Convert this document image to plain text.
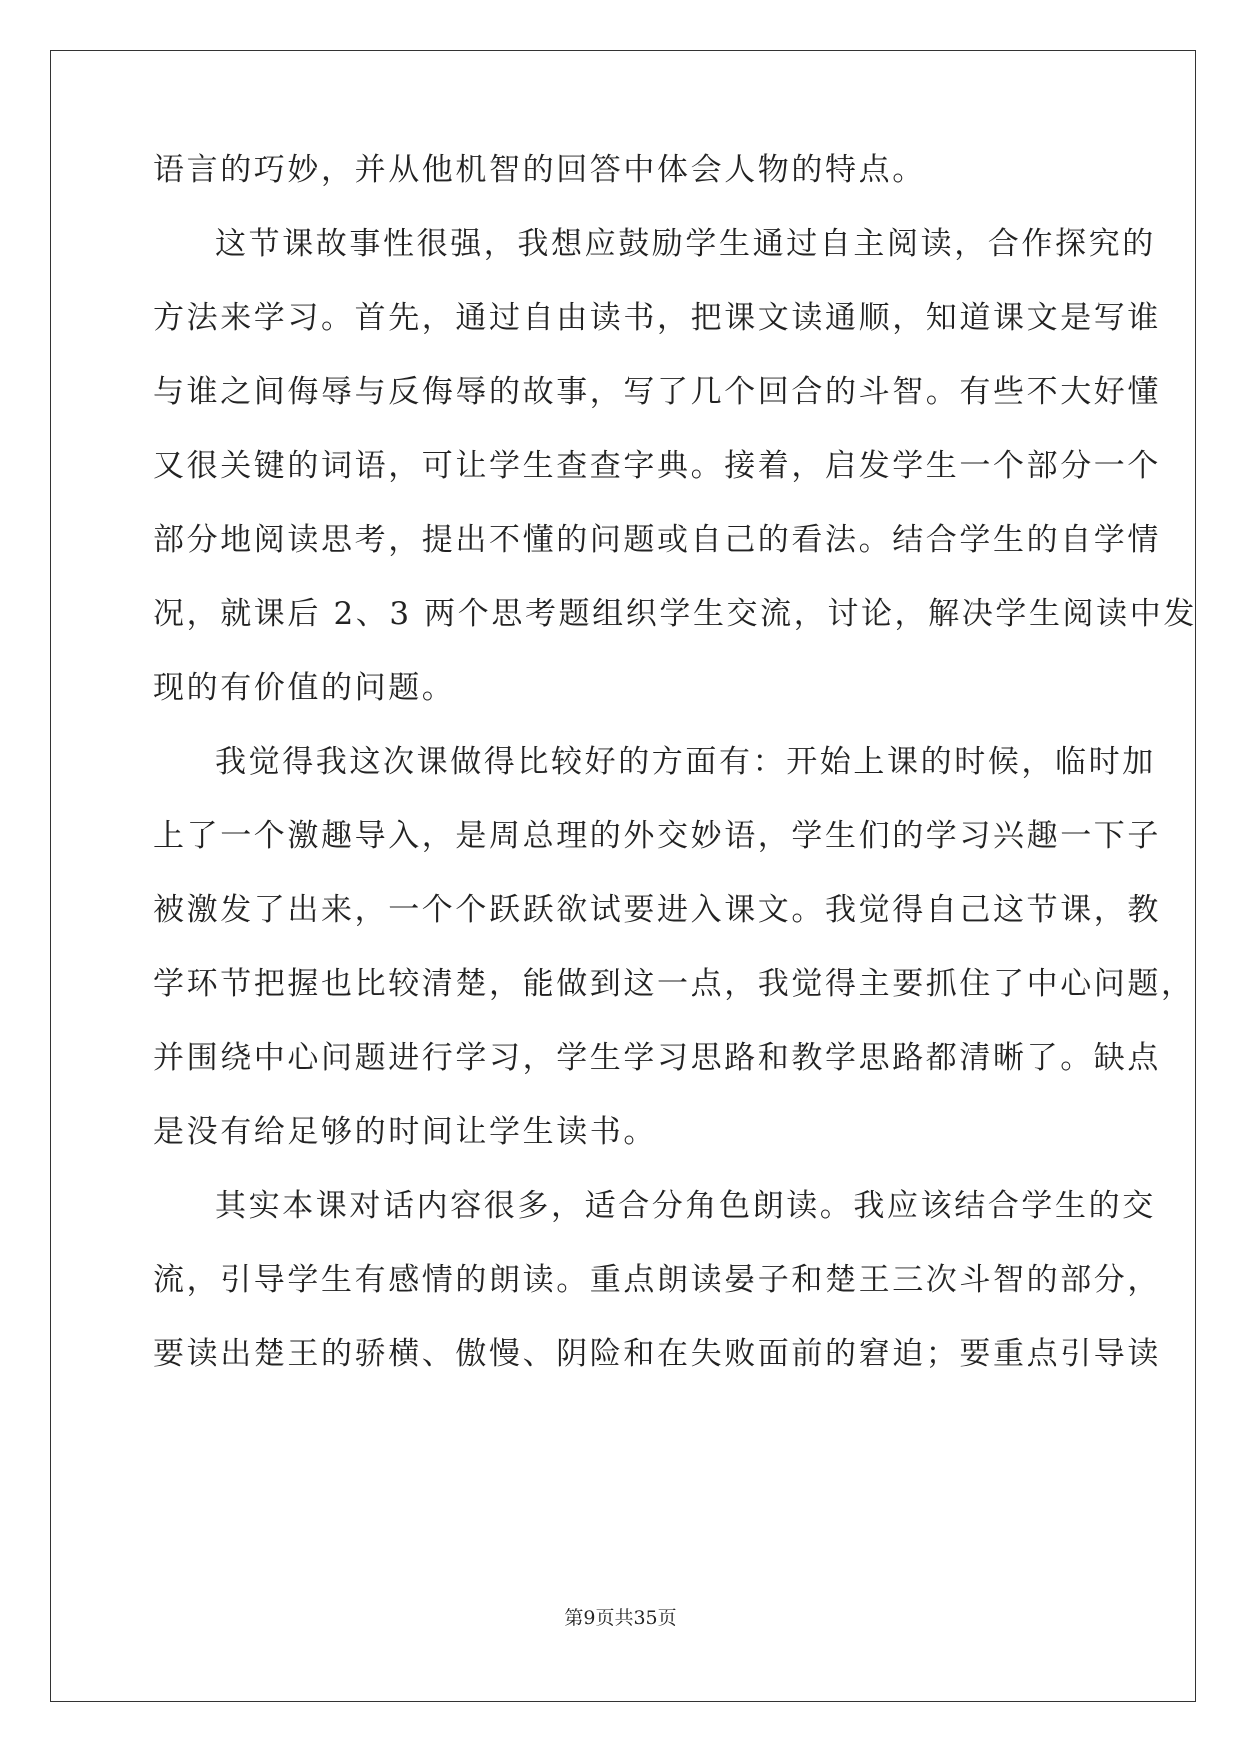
语言的巧妙，并从他机智的回答中体会人物的特点。

这节课故事性很强，我想应鼓励学生通过自主阅读，合作探究的

方法来学习。首先，通过自由读书，把课文读通顺，知道课文是写谁

与谁之间侮辱与反侮辱的故事，写了几个回合的斗智。有些不大好懂

又很关键的词语，可让学生查查字典。接着，启发学生一个部分一个

部分地阅读思考，提出不懂的问题或自己的看法。结合学生的自学情

况，就课后 2、3 两个思考题组织学生交流，讨论，解决学生阅读中发

现的有价值的问题。

我觉得我这次课做得比较好的方面有：开始上课的时候，临时加

上了一个激趣导入，是周总理的外交妙语，学生们的学习兴趣一下子

被激发了出来，一个个跃跃欲试要进入课文。我觉得自己这节课，教

学环节把握也比较清楚，能做到这一点，我觉得主要抓住了中心问题，

并围绕中心问题进行学习，学生学习思路和教学思路都清晰了。缺点

是没有给足够的时间让学生读书。

其实本课对话内容很多，适合分角色朗读。我应该结合学生的交

流，引导学生有感情的朗读。重点朗读晏子和楚王三次斗智的部分，

要读出楚王的骄横、傲慢、阴险和在失败面前的窘迫；要重点引导读

第9页共35页
